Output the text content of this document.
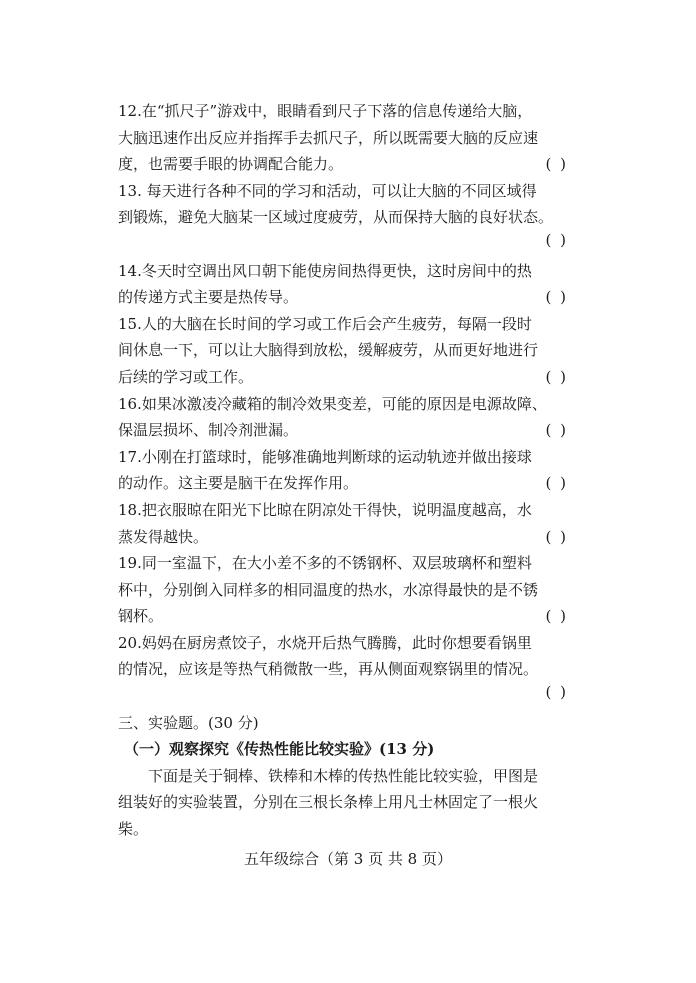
12.在“抓尺子”游戏中，眼睛看到尺子下落的信息传递给大脑，
大脑迅速作出反应并指挥手去抓尺子，所以既需要大脑的反应速
度，也需要手眼的协调配合能力。	( )
13. 每天进行各种不同的学习和活动，可以让大脑的不同区域得
到锻炼，避免大脑某一区域过度疲劳，从而保持大脑的良好状态。
( )
14.冬天时空调出风口朝下能使房间热得更快，这时房间中的热
的传递方式主要是热传导。	( )
15.人的大脑在长时间的学习或工作后会产生疲劳，每隔一段时
间休息一下，可以让大脑得到放松，缓解疲劳，从而更好地进行
后续的学习或工作。	( )
16.如果冰激凌冷藏箱的制冷效果变差，可能的原因是电源故障、
保温层损坏、制冷剂泄漏。	( )
17.小刚在打篮球时，能够准确地判断球的运动轨迹并做出接球
的动作。这主要是脑干在发挥作用。	( )
18.把衣服晾在阳光下比晾在阴凉处干得快，说明温度越高，水
蒸发得越快。	( )
19.同一室温下，在大小差不多的不锈钢杯、双层玻璃杯和塑料
杯中，分别倒入同样多的相同温度的热水，水凉得最快的是不锈
钢杯。	( )
20.妈妈在厨房煮饺子，水烧开后热气腾腾，此时你想要看锅里
的情况，应该是等热气稍微散一些，再从侧面观察锅里的情况。
( )
三、实验题。(30 分)
（一）观察探究《传热性能比较实验》(13 分)
下面是关于铜棒、铁棒和木棒的传热性能比较实验，甲图是
组装好的实验装置，分别在三根长条棒上用凡士林固定了一根火
柴。
五年级综合（第 3 页 共 8 页）
